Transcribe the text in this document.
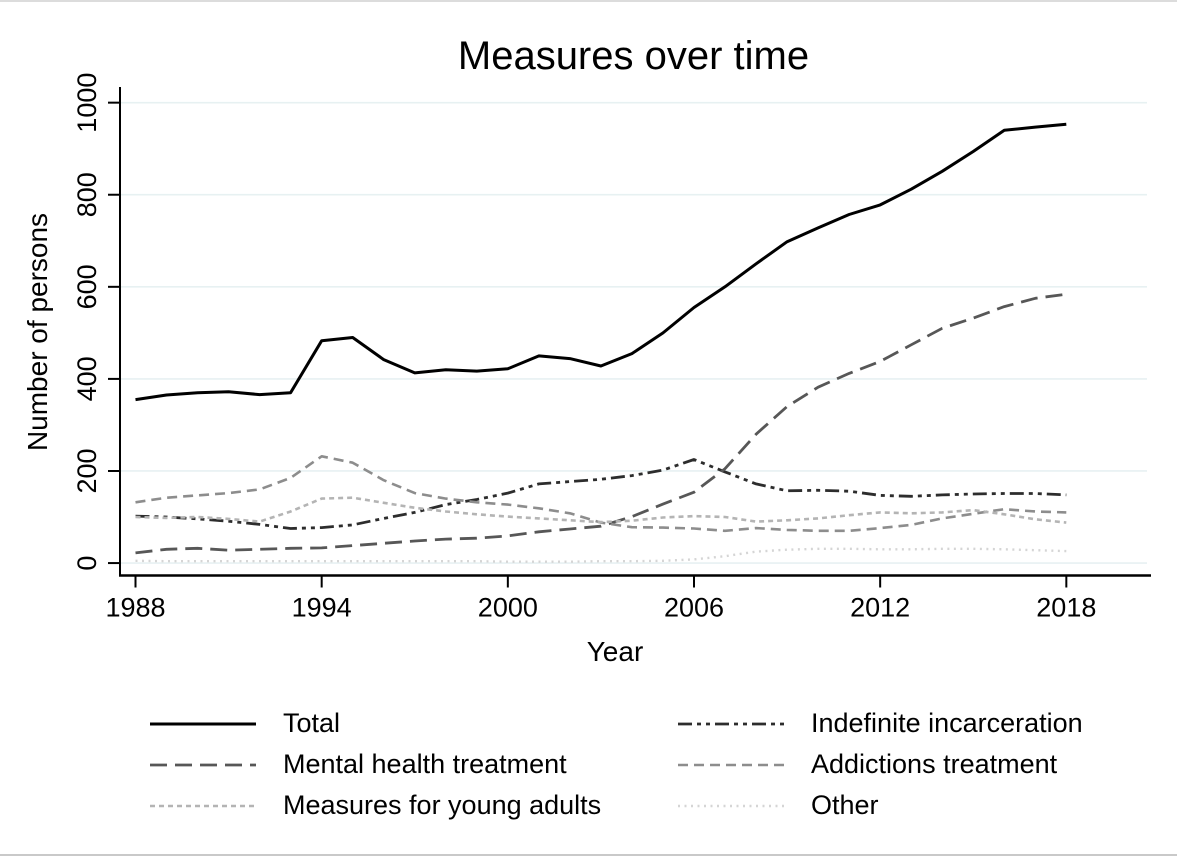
Measures over time
Number of persons
0
200
400
600
800
1000
1988	1994	2000	2006	2012	2018
Year
Total	Indefinite incarceration
Mental health treatment	Addictions treatment
Measures for young adults	Other
